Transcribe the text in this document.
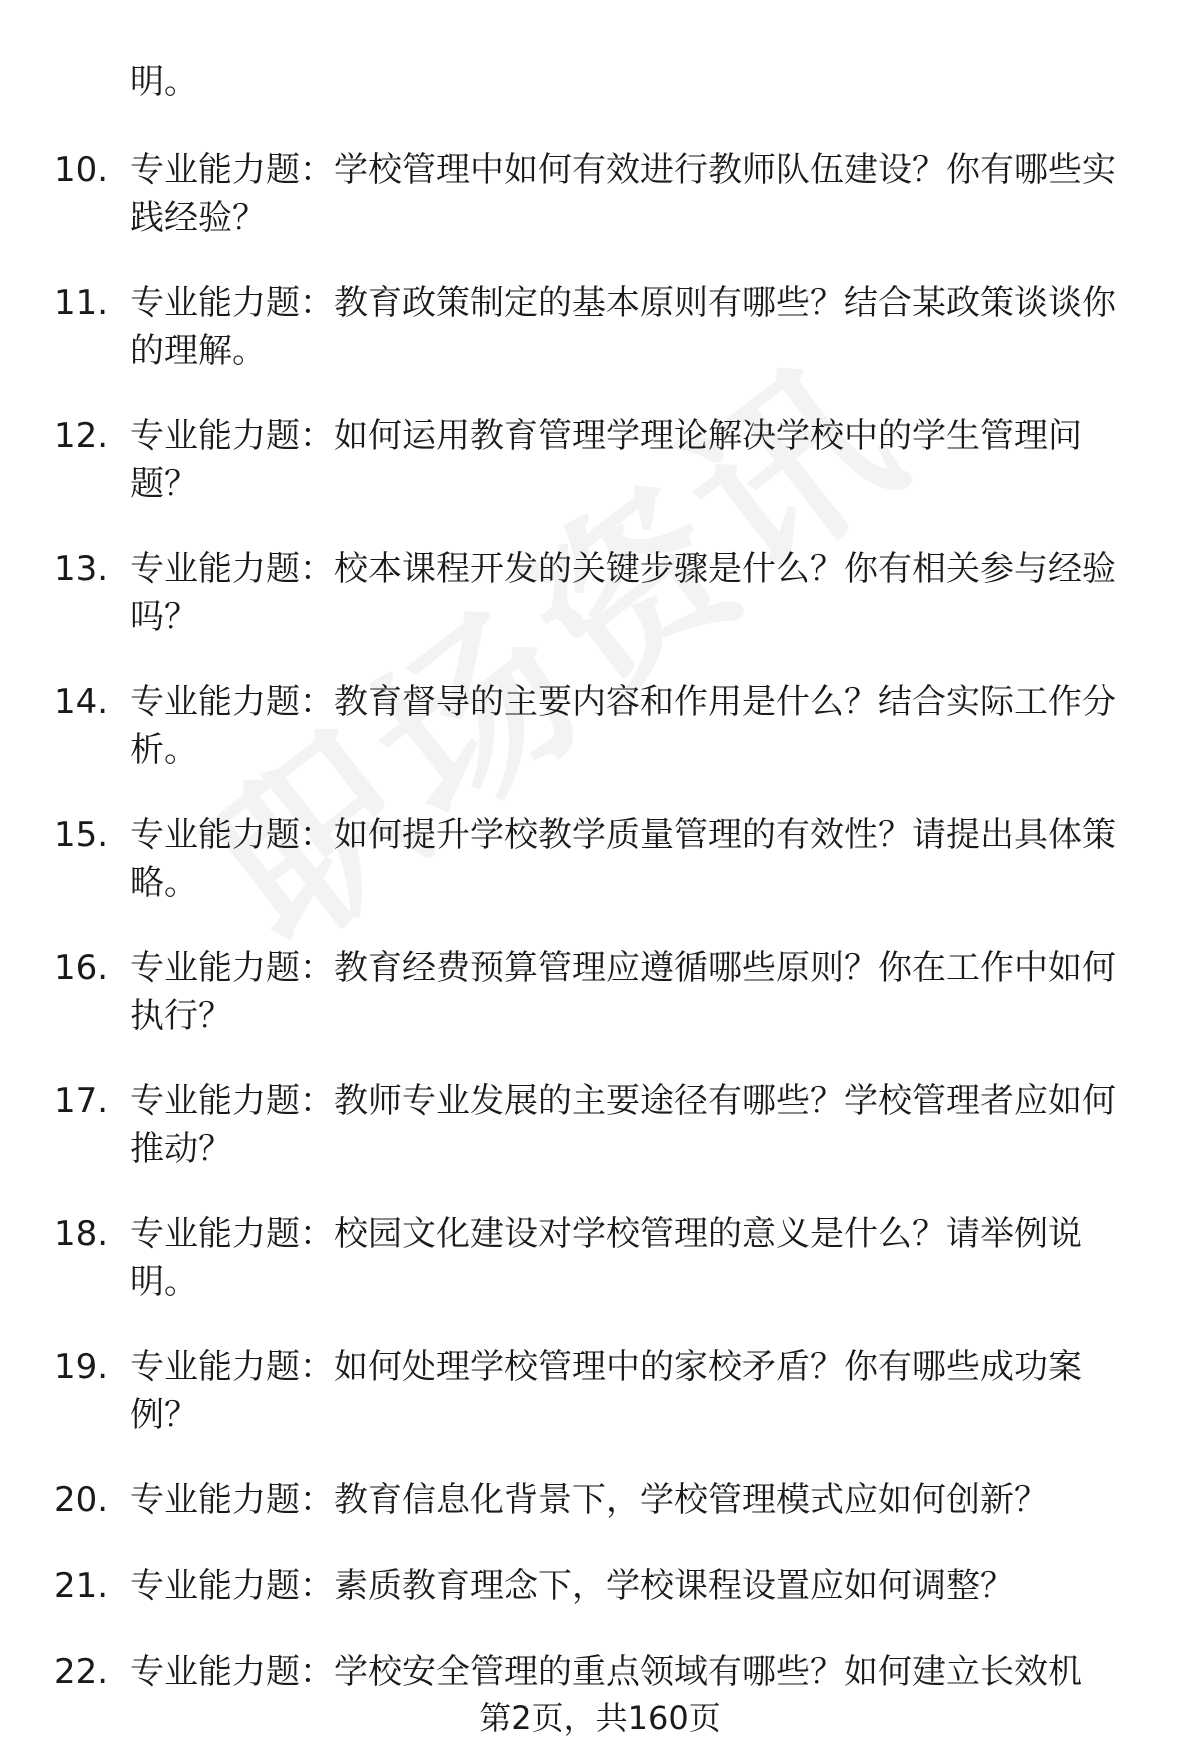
明。
10. 专业能力题：学校管理中如何有效进行教师队伍建设？你有哪些实践经验？
11. 专业能力题：教育政策制定的基本原则有哪些？结合某政策谈谈你的理解。
12. 专业能力题：如何运用教育管理学理论解决学校中的学生管理问题？
13. 专业能力题：校本课程开发的关键步骤是什么？你有相关参与经验吗？
14. 专业能力题：教育督导的主要内容和作用是什么？结合实际工作分析。
15. 专业能力题：如何提升学校教学质量管理的有效性？请提出具体策略。
16. 专业能力题：教育经费预算管理应遵循哪些原则？你在工作中如何执行？
17. 专业能力题：教师专业发展的主要途径有哪些？学校管理者应如何推动？
18. 专业能力题：校园文化建设对学校管理的意义是什么？请举例说明。
19. 专业能力题：如何处理学校管理中的家校矛盾？你有哪些成功案例？
20. 专业能力题：教育信息化背景下，学校管理模式应如何创新？
21. 专业能力题：素质教育理念下，学校课程设置应如何调整？
22. 专业能力题：学校安全管理的重点领域有哪些？如何建立长效机
第2页，共160页
